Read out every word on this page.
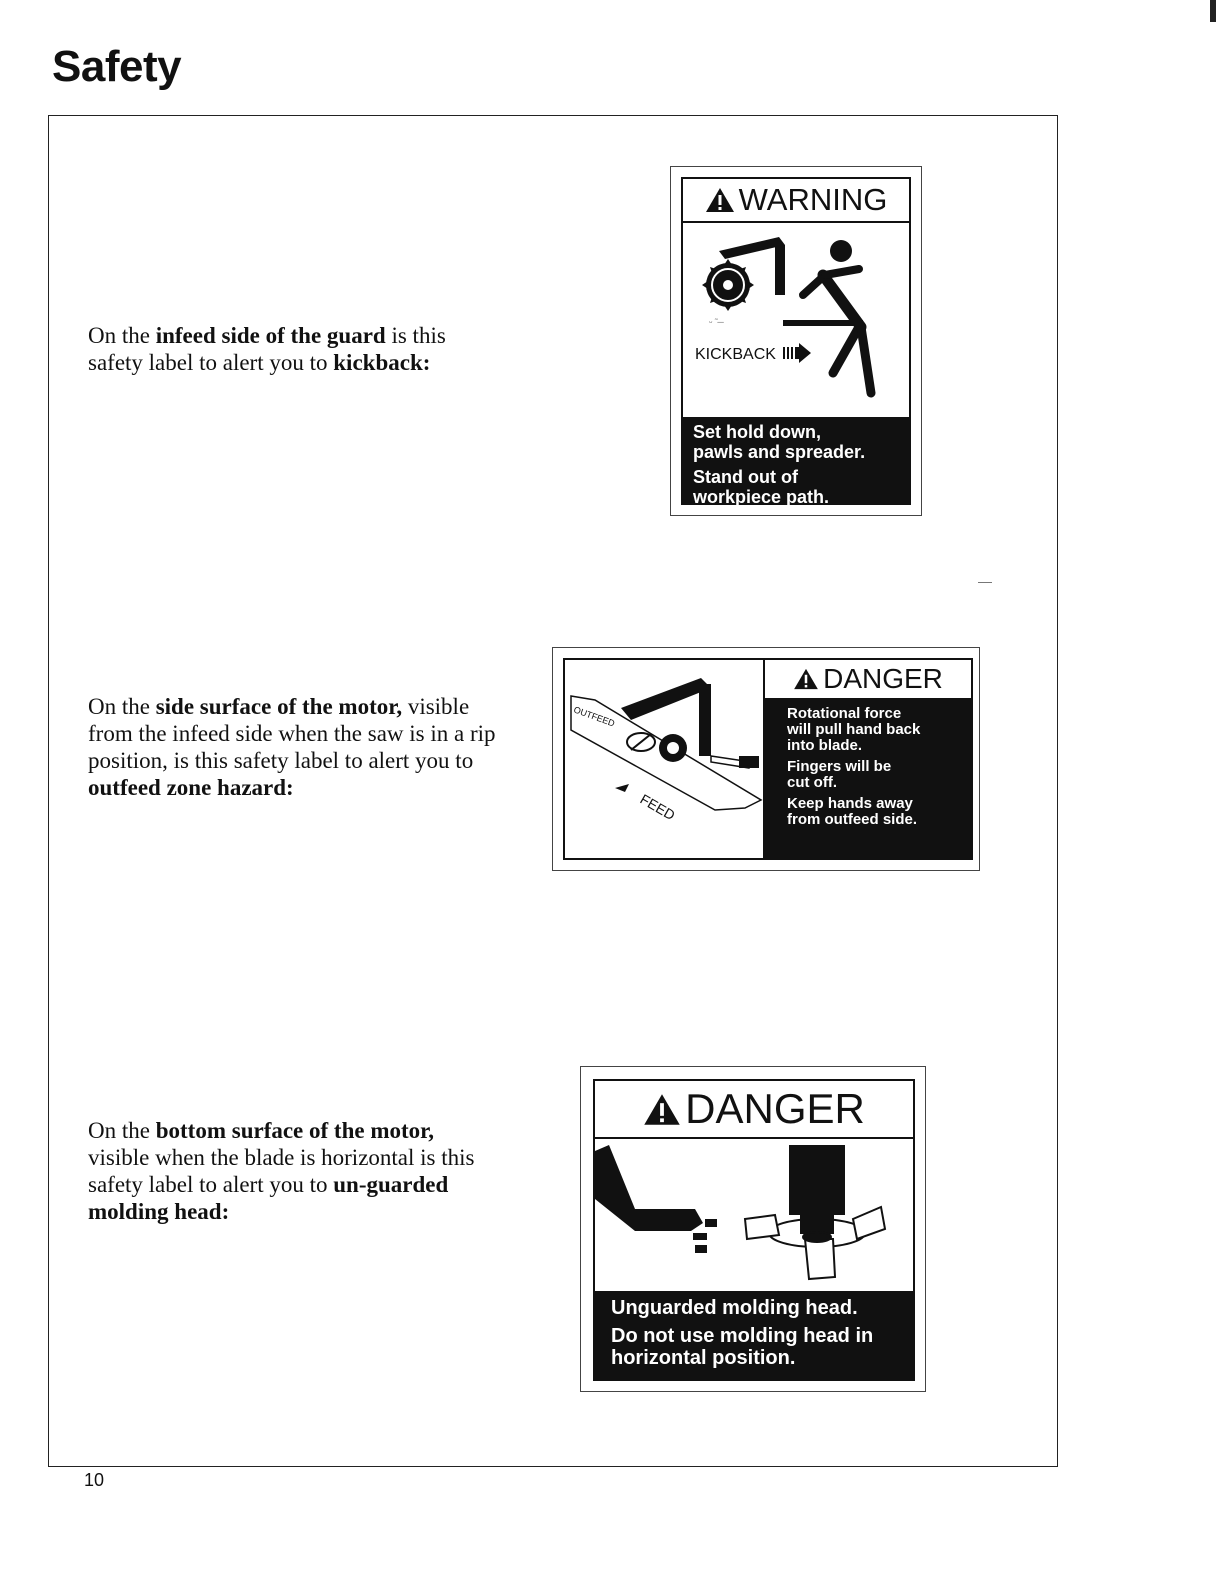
Safety

On the infeed side of the guard is this safety label to alert you to kickback:

WARNING
ᵕ ̃ ─
KICKBACK

Set hold down,

pawls and spreader.

Stand out of

workpiece path.

On the side surface of the motor, visible from the infeed side when the saw is in a rip position, is this safety label to alert you to outfeed zone hazard:

OUTFEED
FEED
DANGER

Rotational force

will pull hand back

into blade.

Fingers will be

cut off.

Keep hands away

from outfeed side.

On the bottom surface of the motor, visible when the blade is horizontal is this safety label to alert you to un-guarded molding head:

DANGER

Unguarded molding head.

Do not use molding head in

horizontal position.

10
